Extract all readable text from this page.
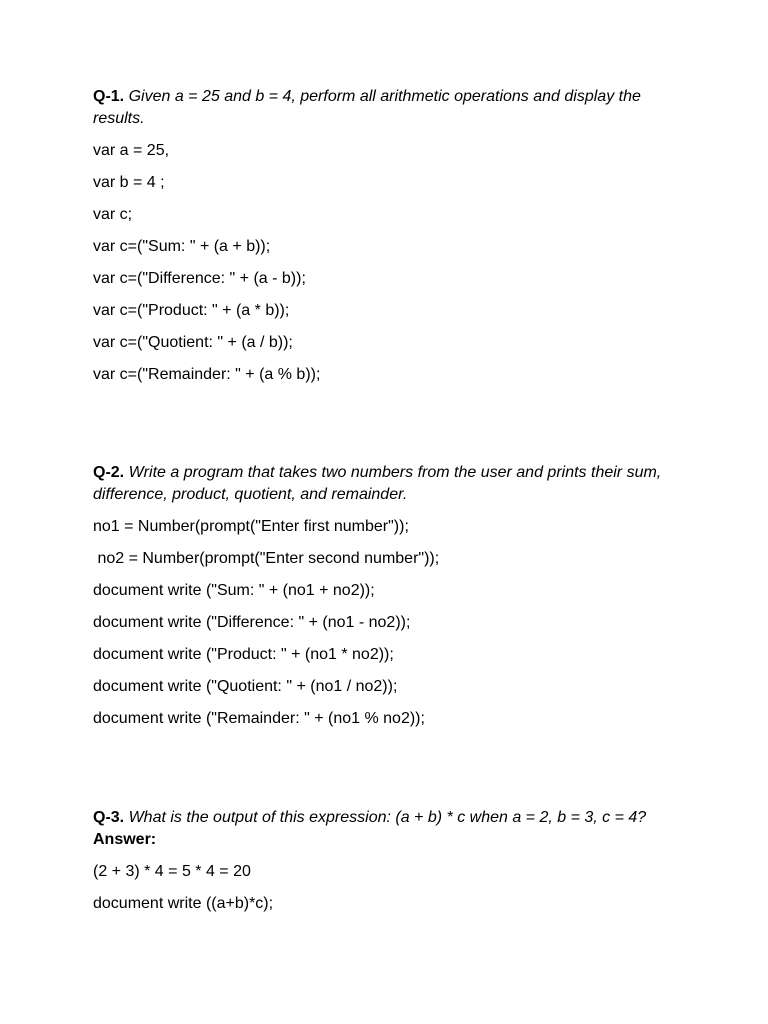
Q-1. Given a = 25 and b = 4, perform all arithmetic operations and display the results.

var a = 25,

var b = 4 ;

var c;

var c=("Sum: " + (a + b));

var c=("Difference: " + (a - b));

var c=("Product: " + (a * b));

var c=("Quotient: " + (a / b));

var c=("Remainder: " + (a % b));

Q-2. Write a program that takes two numbers from the user and prints their sum, difference, product, quotient, and remainder.

no1 = Number(prompt("Enter first number"));

no2 = Number(prompt("Enter second number"));

document write ("Sum: " + (no1 + no2));

document write ("Difference: " + (no1 - no2));

document write ("Product: " + (no1 * no2));

document write ("Quotient: " + (no1 / no2));

document write ("Remainder: " + (no1 % no2));

Q-3. What is the output of this expression: (a + b) * c when a = 2, b = 3, c = 4?
Answer:

(2 + 3) * 4 = 5 * 4 = 20

document write ((a+b)*c);
